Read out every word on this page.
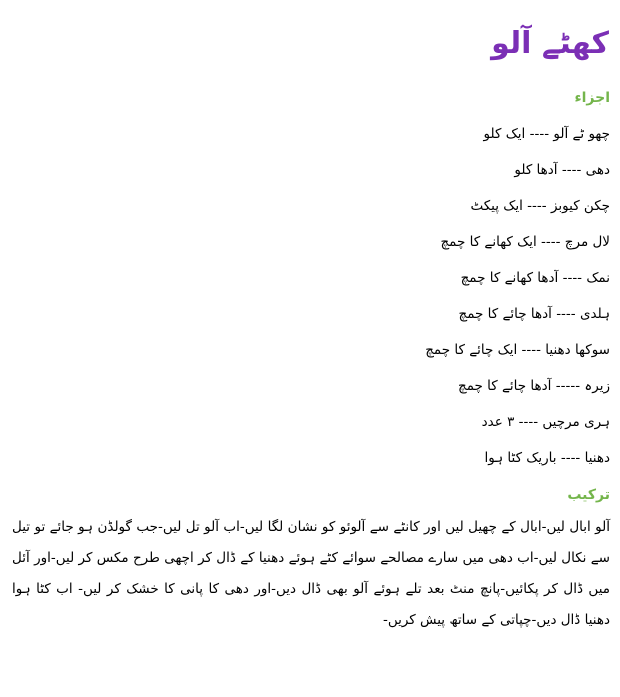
کھٹے آلو
اجزاء
چھو ٹے آلو ---- ایک کلو
دھی ---- آدھا کلو
چکن کیوبز ---- ایک پیکٹ
لال مرچ ---- ایک کھانے کا چمچ
نمک ---- آدھا کھانے کا چمچ
ہلدی ---- آدھا چائے کا چمچ
سوکھا دھنیا ---- ایک چائے کا چمچ
زیرہ ----- آدھا چائے کا چمچ
ہری مرچیں ---- ۳ عدد
دھنیا ---- باریک کٹا ہوا
ترکیب

آلو ابال لیں-ابال کے چھیل لیں اور کانٹے سے آلوئو کو نشان لگا لیں-اب آلو تل لیں-جب گولڈن ہو جائے تو تیل سے نکال لیں-اب دھی میں سارے مصالحے سوائے کٹے ہوئے دھنیا کے ڈال کر اچھی طرح مکس کر لیں-اور آئل میں ڈال کر پکائیں-پانچ منٹ بعد تلے ہوئے آلو بھی ڈال دیں-اور دھی کا پانی کا خشک کر لیں- اب کٹا ہوا دھنیا ڈال دیں-چپاتی کے ساتھ پیش کریں-
